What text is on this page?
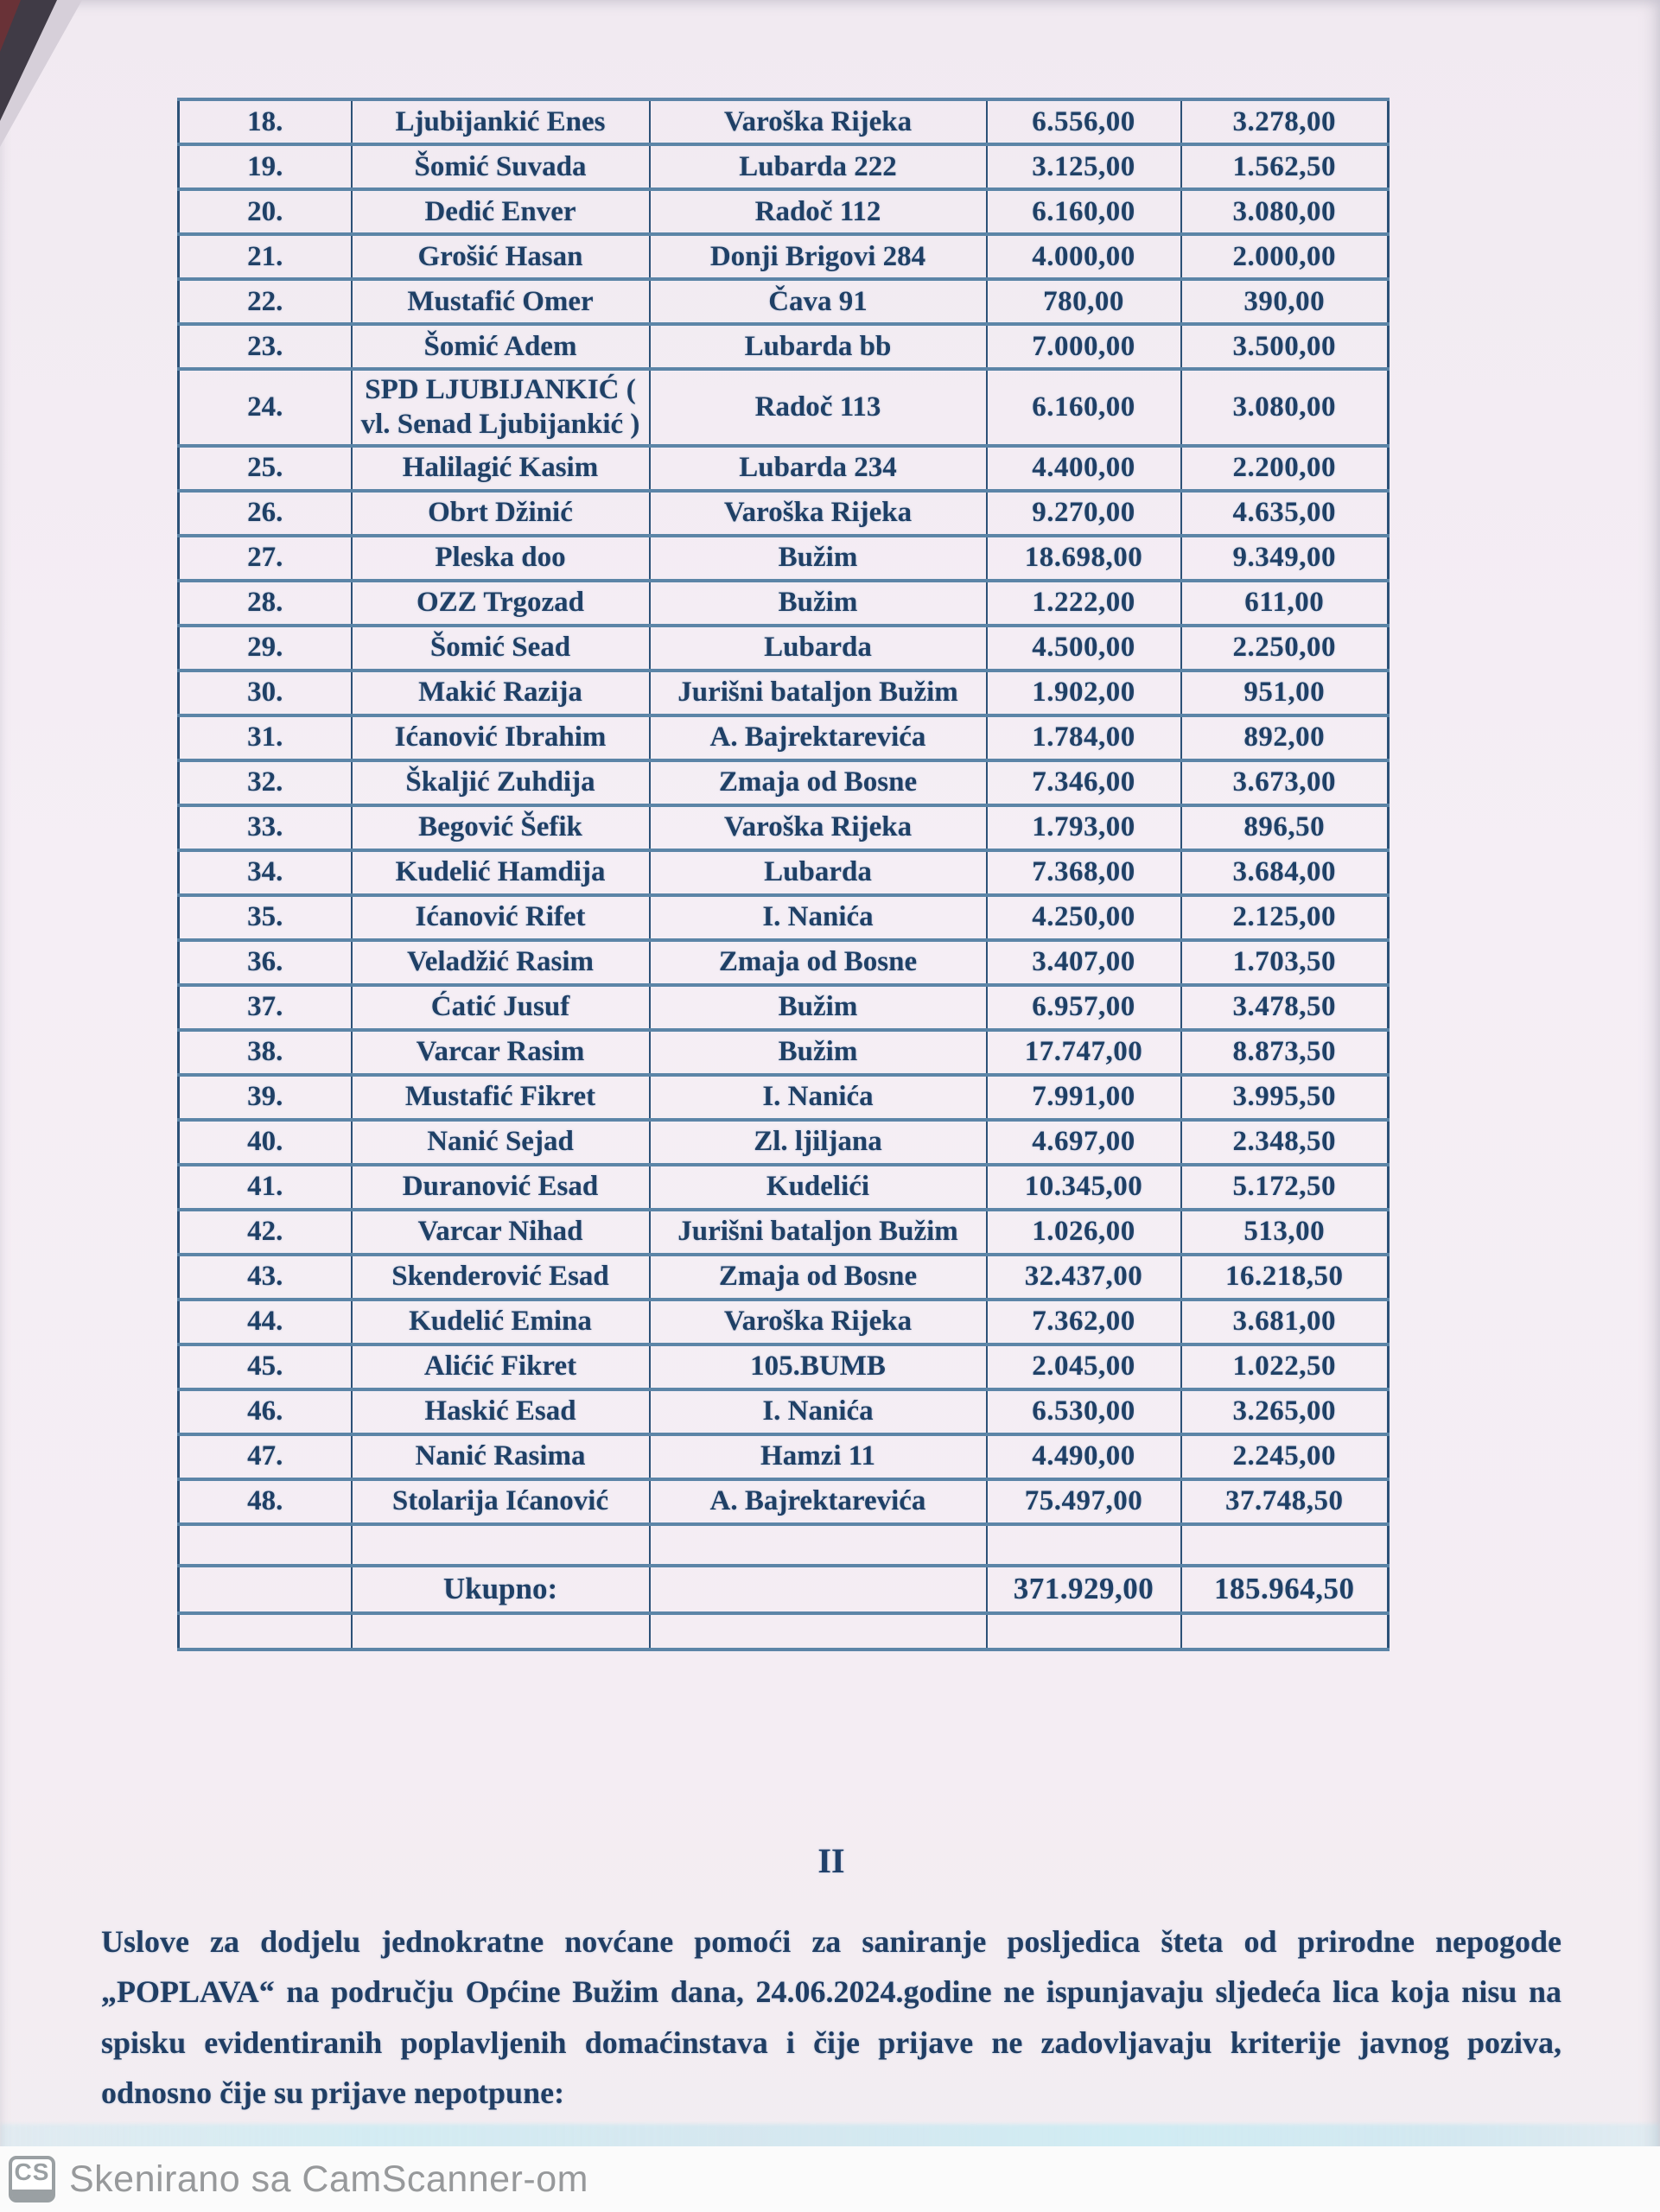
18.	Ljubijankić Enes	Varoška Rijeka	6.556,00	3.278,00
19.	Šomić Suvada	Lubarda 222	3.125,00	1.562,50
20.	Dedić Enver	Radoč 112	6.160,00	3.080,00
21.	Grošić Hasan	Donji Brigovi 284	4.000,00	2.000,00
22.	Mustafić Omer	Čava 91	780,00	390,00
23.	Šomić Adem	Lubarda bb	7.000,00	3.500,00
24.	SPD LJUBIJANKIĆ ( vl. Senad Ljubijankić )	Radoč 113	6.160,00	3.080,00
25.	Halilagić Kasim	Lubarda 234	4.400,00	2.200,00
26.	Obrt Džinić	Varoška Rijeka	9.270,00	4.635,00
27.	Pleska doo	Bužim	18.698,00	9.349,00
28.	OZZ Trgozad	Bužim	1.222,00	611,00
29.	Šomić Sead	Lubarda	4.500,00	2.250,00
30.	Makić Razija	Jurišni bataljon Bužim	1.902,00	951,00
31.	Ićanović Ibrahim	A. Bajrektarevića	1.784,00	892,00
32.	Škaljić Zuhdija	Zmaja od Bosne	7.346,00	3.673,00
33.	Begović Šefik	Varoška Rijeka	1.793,00	896,50
34.	Kudelić Hamdija	Lubarda	7.368,00	3.684,00
35.	Ićanović Rifet	I. Nanića	4.250,00	2.125,00
36.	Veladžić Rasim	Zmaja od Bosne	3.407,00	1.703,50
37.	Ćatić Jusuf	Bužim	6.957,00	3.478,50
38.	Varcar Rasim	Bužim	17.747,00	8.873,50
39.	Mustafić Fikret	I. Nanića	7.991,00	3.995,50
40.	Nanić Sejad	Zl. ljiljana	4.697,00	2.348,50
41.	Duranović Esad	Kudelići	10.345,00	5.172,50
42.	Varcar Nihad	Jurišni bataljon Bužim	1.026,00	513,00
43.	Skenderović Esad	Zmaja od Bosne	32.437,00	16.218,50
44.	Kudelić Emina	Varoška Rijeka	7.362,00	3.681,00
45.	Alićić Fikret	105.BUMB	2.045,00	1.022,50
46.	Haskić Esad	I. Nanića	6.530,00	3.265,00
47.	Nanić Rasima	Hamzi 11	4.490,00	2.245,00
48.	Stolarija Ićanović	A. Bajrektarevića	75.497,00	37.748,50

	Ukupno:		371.929,00	185.964,50

II
Uslove za dodjelu jednokratne novćane pomoći za saniranje posljedica šteta od prirodne nepogode „POPLAVA“ na području Općine Bužim dana, 24.06.2024.godine ne ispunjavaju sljedeća lica koja nisu na spisku evidentiranih poplavljenih domaćinstava i čije prijave ne zadovljavaju kriterije javnog poziva, odnosno čije su prijave nepotpune:
CS Skenirano sa CamScanner-om
